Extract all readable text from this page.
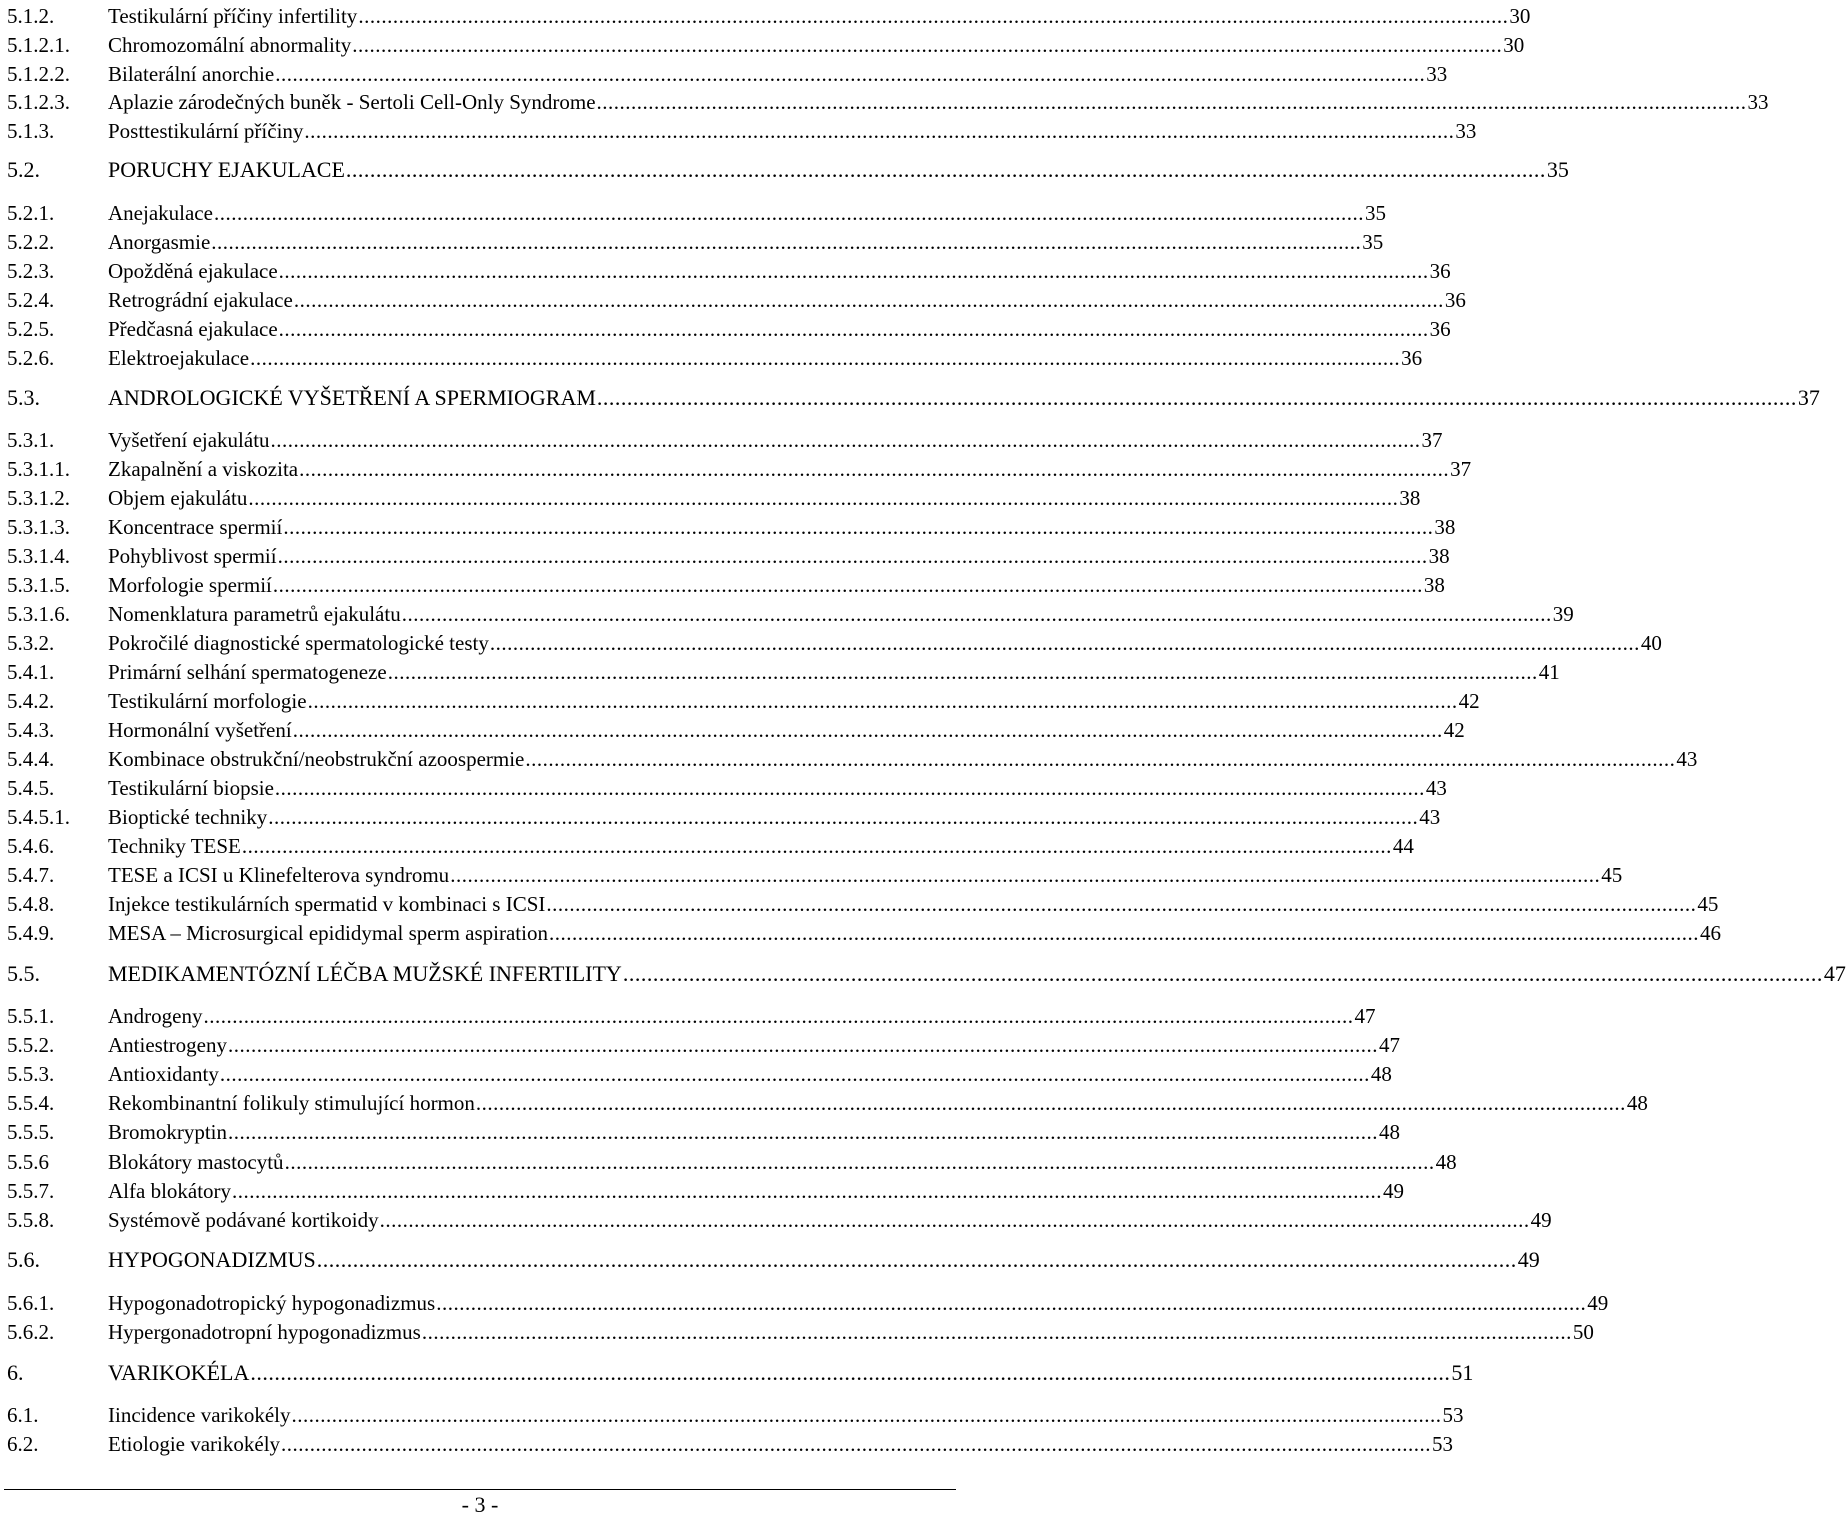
5.1.2.	Testikulární příčiny infertility ........................................................................................................................................................................................................ 30
5.1.2.1.	Chromozomální abnormality ........................................................................................................................................................................................................ 30
5.1.2.2.	Bilaterální anorchie ........................................................................................................................................................................................................ 33
5.1.2.3.	Aplazie zárodečných buněk - Sertoli Cell-Only Syndrome ........................................................................................................................................................................................................ 33
5.1.3.	Posttestikulární příčiny ........................................................................................................................................................................................................ 33
5.2.	PORUCHY EJAKULACE ........................................................................................................................................................................................................ 35
5.2.1.	Anejakulace ........................................................................................................................................................................................................ 35
5.2.2.	Anorgasmie ........................................................................................................................................................................................................ 35
5.2.3.	Opožděná ejakulace ........................................................................................................................................................................................................ 36
5.2.4.	Retrográdní ejakulace ........................................................................................................................................................................................................ 36
5.2.5.	Předčasná ejakulace ........................................................................................................................................................................................................ 36
5.2.6.	Elektroejakulace ........................................................................................................................................................................................................ 36
5.3.	ANDROLOGICKÉ VYŠETŘENÍ A SPERMIOGRAM ........................................................................................................................................................................................................ 37
5.3.1.	Vyšetření ejakulátu ........................................................................................................................................................................................................ 37
5.3.1.1.	Zkapalnění a viskozita ........................................................................................................................................................................................................ 37
5.3.1.2.	Objem ejakulátu ........................................................................................................................................................................................................ 38
5.3.1.3.	Koncentrace spermií ........................................................................................................................................................................................................ 38
5.3.1.4.	Pohyblivost spermií ........................................................................................................................................................................................................ 38
5.3.1.5.	Morfologie spermií ........................................................................................................................................................................................................ 38
5.3.1.6.	Nomenklatura parametrů ejakulátu ........................................................................................................................................................................................................ 39
5.3.2.	Pokročilé diagnostické spermatologické testy ........................................................................................................................................................................................................ 40
5.4.1.	Primární selhání spermatogeneze ........................................................................................................................................................................................................ 41
5.4.2.	Testikulární morfologie ........................................................................................................................................................................................................ 42
5.4.3.	Hormonální vyšetření ........................................................................................................................................................................................................ 42
5.4.4.	Kombinace obstrukční/neobstrukční azoospermie ........................................................................................................................................................................................................ 43
5.4.5.	Testikulární biopsie ........................................................................................................................................................................................................ 43
5.4.5.1.	Bioptické techniky ........................................................................................................................................................................................................ 43
5.4.6.	Techniky TESE ........................................................................................................................................................................................................ 44
5.4.7.	TESE a ICSI u Klinefelterova syndromu ........................................................................................................................................................................................................ 45
5.4.8.	Injekce testikulárních spermatid v kombinaci s ICSI ........................................................................................................................................................................................................ 45
5.4.9.	MESA – Microsurgical epididymal sperm aspiration ........................................................................................................................................................................................................ 46
5.5.	MEDIKAMENTÓZNÍ LÉČBA MUŽSKÉ INFERTILITY ........................................................................................................................................................................................................ 47
5.5.1.	Androgeny ........................................................................................................................................................................................................ 47
5.5.2.	Antiestrogeny ........................................................................................................................................................................................................ 47
5.5.3.	Antioxidanty ........................................................................................................................................................................................................ 48
5.5.4.	Rekombinantní folikuly stimulující hormon ........................................................................................................................................................................................................ 48
5.5.5.	Bromokryptin ........................................................................................................................................................................................................ 48
5.5.6	Blokátory mastocytů ........................................................................................................................................................................................................ 48
5.5.7.	Alfa blokátory ........................................................................................................................................................................................................ 49
5.5.8.	Systémově podávané kortikoidy ........................................................................................................................................................................................................ 49
5.6.	HYPOGONADIZMUS ........................................................................................................................................................................................................ 49
5.6.1.	Hypogonadotropický hypogonadizmus ........................................................................................................................................................................................................ 49
5.6.2.	Hypergonadotropní hypogonadizmus ........................................................................................................................................................................................................ 50
6.	VARIKOKÉLA ........................................................................................................................................................................................................ 51
6.1.	Iincidence varikokély ........................................................................................................................................................................................................ 53
6.2.	Etiologie varikokély ........................................................................................................................................................................................................ 53
- 3 -
